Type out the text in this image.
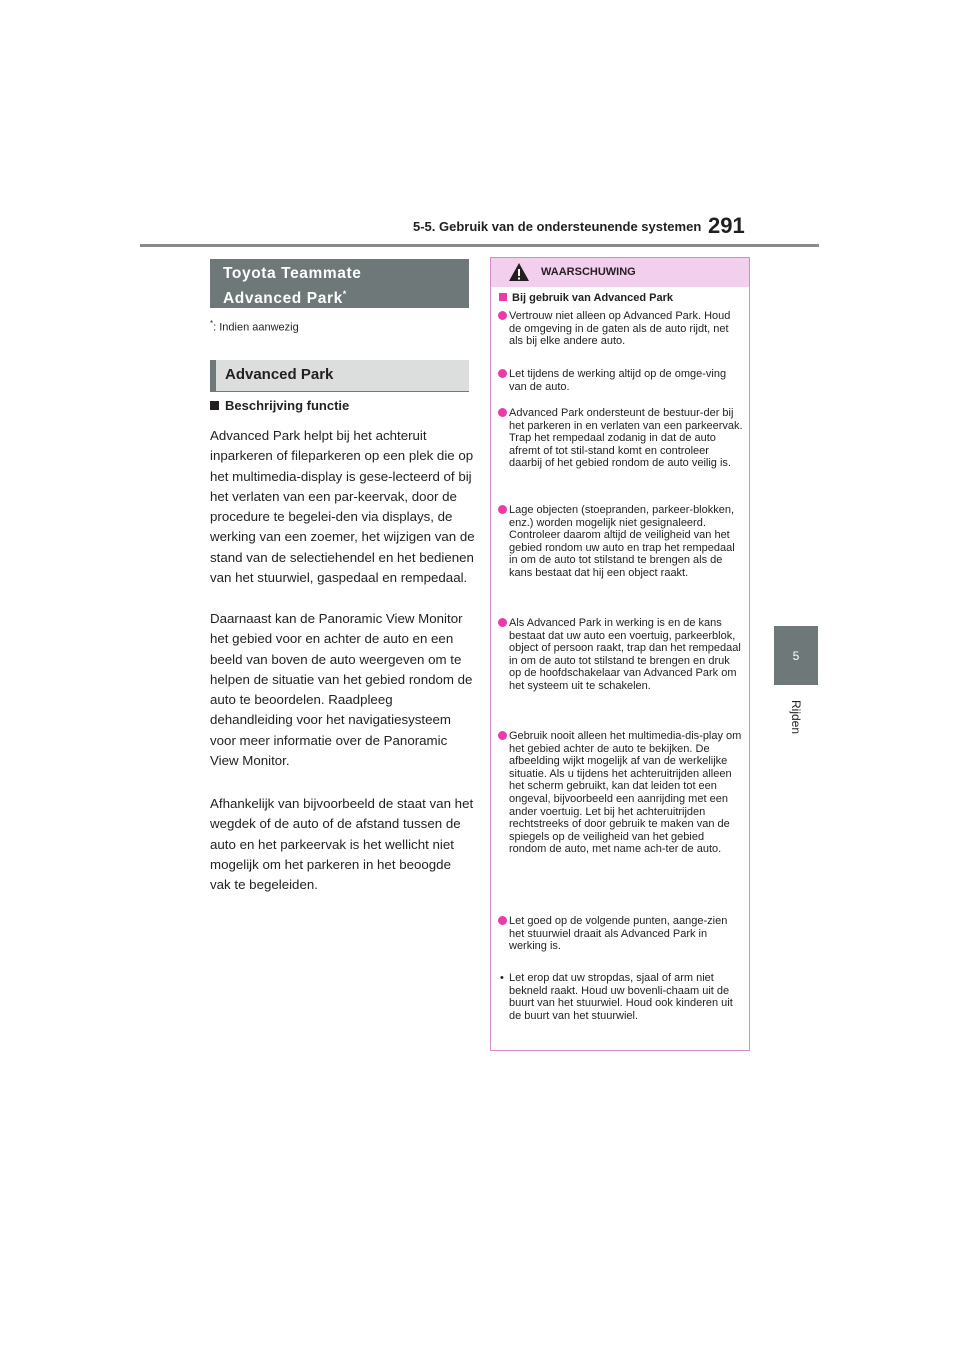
5-5. Gebruik van de ondersteunende systemen 291
5
Rijden
Toyota Teammate
Advanced Park*
*: Indien aanwezig
Advanced Park
Beschrijving functie
Advanced Park helpt bij het achteruit inparkeren of fileparkeren op een plek die op het multimedia-display is gese-lecteerd of bij het verlaten van een par-keervak, door de procedure te begelei-den via displays, de werking van een zoemer, het wijzigen van de stand van de selectiehendel en het bedienen van het stuurwiel, gaspedaal en rempedaal.
Daarnaast kan de Panoramic View Monitor het gebied voor en achter de auto en een beeld van boven de auto weergeven om te helpen de situatie van het gebied rondom de auto te beoordelen. Raadpleeg dehandleiding voor het navigatiesysteem voor meer informatie over de Panoramic View Monitor.
Afhankelijk van bijvoorbeeld de staat van het wegdek of de auto of de afstand tussen de auto en het parkeervak is het wellicht niet mogelijk om het parkeren in het beoogde vak te begeleiden.
WAARSCHUWING
Bij gebruik van Advanced Park
Vertrouw niet alleen op Advanced Park. Houd de omgeving in de gaten als de auto rijdt, net als bij elke andere auto.
Let tijdens de werking altijd op de omge-ving van de auto.
Advanced Park ondersteunt de bestuur-der bij het parkeren in en verlaten van een parkeervak. Trap het rempedaal zodanig in dat de auto afremt of tot stil-stand komt en controleer daarbij of het gebied rondom de auto veilig is.
Lage objecten (stoepranden, parkeer-blokken, enz.) worden mogelijk niet gesignaleerd. Controleer daarom altijd de veiligheid van het gebied rondom uw auto en trap het rempedaal in om de auto tot stilstand te brengen als de kans bestaat dat hij een object raakt.
Als Advanced Park in werking is en de kans bestaat dat uw auto een voertuig, parkeerblok, object of persoon raakt, trap dan het rempedaal in om de auto tot stilstand te brengen en druk op de hoofdschakelaar van Advanced Park om het systeem uit te schakelen.
Gebruik nooit alleen het multimedia-dis-play om het gebied achter de auto te bekijken. De afbeelding wijkt mogelijk af van de werkelijke situatie. Als u tijdens het achteruitrijden alleen het scherm gebruikt, kan dat leiden tot een ongeval, bijvoorbeeld een aanrijding met een ander voertuig. Let bij het achteruitrijden rechtstreeks of door gebruik te maken van de spiegels op de veiligheid van het gebied rondom de auto, met name ach-ter de auto.
Let goed op de volgende punten, aange-zien het stuurwiel draait als Advanced Park in werking is.
• Let erop dat uw stropdas, sjaal of arm niet bekneld raakt. Houd uw bovenli-chaam uit de buurt van het stuurwiel. Houd ook kinderen uit de buurt van het stuurwiel.
